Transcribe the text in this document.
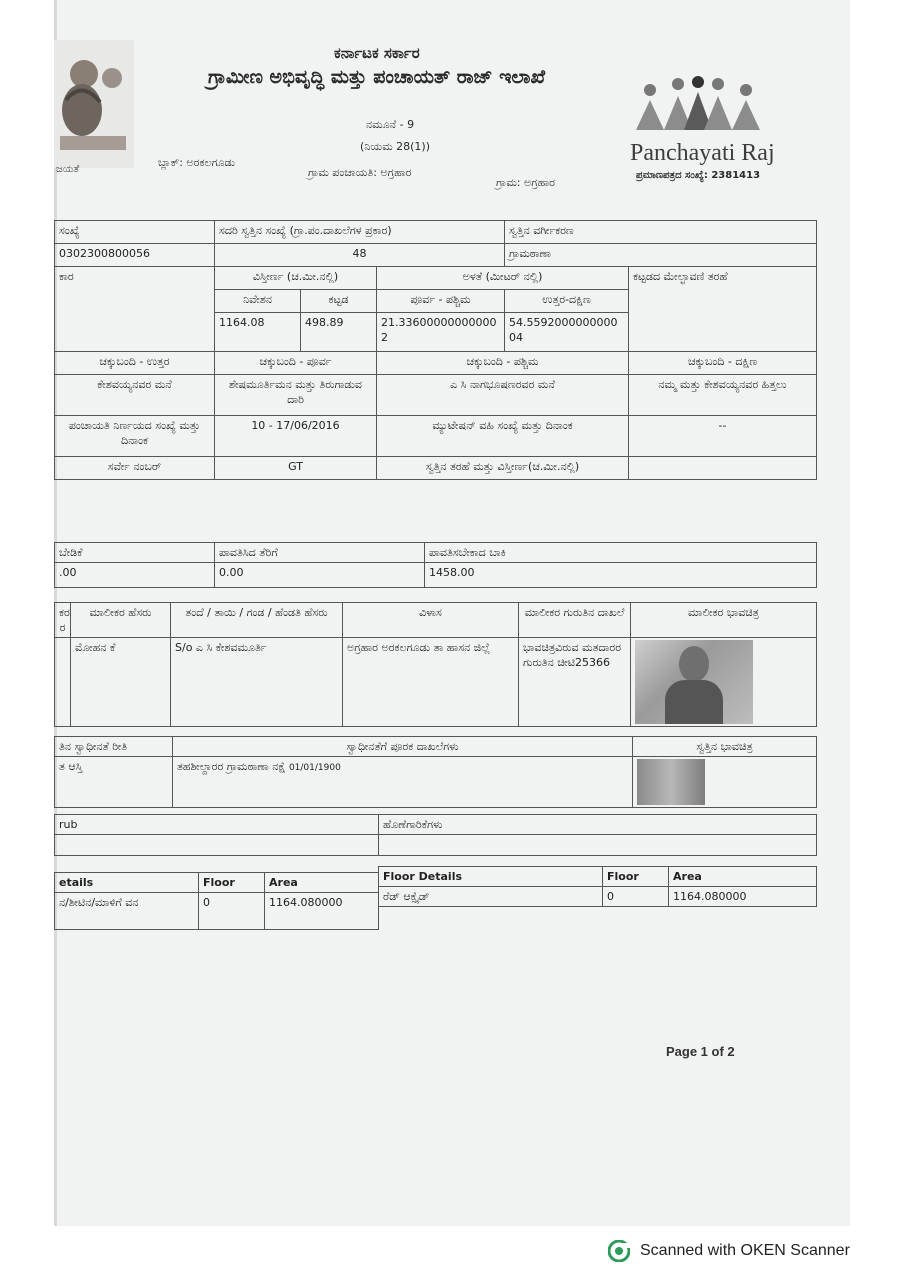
ಜಯತೆ
ಕರ್ನಾಟಕ ಸರ್ಕಾರ
ಗ್ರಾಮೀಣ ಅಭಿವೃದ್ಧಿ ಮತ್ತು ಪಂಚಾಯತ್ ರಾಜ್ ಇಲಾಖೆ
ನಮೂನೆ - 9
(ನಿಯಮ 28(1))
ಬ್ಲಾಕ್: ಅರಕಲಗೂಡು
ಗ್ರಾಮ ಪಂಚಾಯತಿ: ಅಗ್ರಹಾರ
ಗ್ರಾಮ: ಅಗ್ರಹಾರ
ಪ್ರಮಾಣಪತ್ರದ ಸಂಖ್ಯೆ: 2381413
Panchayati Raj
ಸಂಖ್ಯೆ	ಸದರಿ ಸ್ವತ್ತಿನ ಸಂಖ್ಯೆ (ಗ್ರಾ.ಪಂ.ದಾಖಲೆಗಳ ಪ್ರಕಾರ)			ಸ್ವತ್ತಿನ ವರ್ಗೀಕರಣ	
0302300800056	48			ಗ್ರಾಮಠಾಣಾ	
ಕಾರ	ವಿಸ್ತೀರ್ಣ (ಚ.ಮೀ.ನಲ್ಲಿ)		ಅಳತೆ (ಮೀಟರ್ ನಲ್ಲಿ)		ಕಟ್ಟಡದ ಮೇಲ್ಛಾವಣಿ ತರಹೆ
	ನಿವೇಶನ	ಕಟ್ಟಡ	ಪೂರ್ವ - ಪಶ್ಚಿಮ	ಉತ್ತರ-ದಕ್ಷಿಣ	
	1164.08	498.89	21.336000000000002	54.559200000000004	
ಚಕ್ಕುಬಂದಿ - ಉತ್ತರ	ಚಕ್ಕುಬಂದಿ - ಪೂರ್ವ		ಚಕ್ಕುಬಂದಿ - ಪಶ್ಚಿಮ		ಚಕ್ಕುಬಂದಿ - ದಕ್ಷಿಣ
ಕೇಶವಯ್ಯನವರ ಮನೆ	ಶೇಷಮೂರ್ತಿಮನ ಮತ್ತು ತಿರುಗಾಡುವ ದಾರಿ		ಎ ಸಿ ನಾಗಭೂಷಣರವರ ಮನೆ		ನಮ್ಮ ಮತ್ತು ಕೇಶವಯ್ಯನವರ ಹಿತ್ತಲು
ಪಂಚಾಯತಿ ನಿರ್ಣಯದ ಸಂಖ್ಯೆ ಮತ್ತು ದಿನಾಂಕ	10 - 17/06/2016		ಮ್ಯುಟೇಷನ್ ವಹಿ ಸಂಖ್ಯೆ ಮತ್ತು ದಿನಾಂಕ		--
ಸರ್ವೇ ನಂಬರ್	GT		ಸ್ವತ್ತಿನ ತರಹೆ ಮತ್ತು ವಿಸ್ತೀರ್ಣ(ಚ.ಮೀ.ನಲ್ಲಿ)		
ಬೇಡಿಕೆ	ಪಾವತಿಸಿದ ತೆರಿಗೆ	ಪಾವತಿಸಬೇಕಾದ ಬಾಕಿ
.00	0.00	1458.00
ಕರ ರ	ಮಾಲೀಕರ ಹೆಸರು	ತಂದೆ / ತಾಯಿ / ಗಂಡ / ಹೆಂಡತಿ ಹೆಸರು	ವಿಳಾಸ	ಮಾಲೀಕರ ಗುರುತಿನ ದಾಖಲೆ	ಮಾಲೀಕರ ಭಾವಚಿತ್ರ
	ಮೋಹನ ಕೆ	S/o ಎ ಸಿ ಕೇಶವಮೂರ್ತಿ	ಅಗ್ರಹಾರ ಅರಕಲಗೂಡು ತಾ ಹಾಸನ ಜಿಲ್ಲೆ	ಭಾವಚಿತ್ರವಿರುವ ಮತದಾರರ ಗುರುತಿನ ಚೀಟಿ25366	
ತಿನ ಸ್ವಾಧೀನತೆ ರೀತಿ	ಸ್ವಾಧೀನತೆಗೆ ಪೂರಕ ದಾಖಲೆಗಳು	ಸ್ವತ್ತಿನ ಭಾವಚಿತ್ರ
ತ ಆಸ್ತಿ	ತಹಶೀಲ್ದಾರರ ಗ್ರಾಮಠಾಣಾ ನಕ್ಷೆ 01/01/1900	
rub	ಹೊಣೆಗಾರಿಕೆಗಳು

etails	Floor	Area
ನ/ಶೀಟಿನ/ಮಾಳಿಗೆ ವನ	0	1164.080000
Floor Details	Floor	Area
ರೆಡ್ ಆಕ್ಸೈಡ್	0	1164.080000
Page 1 of 2
Scanned with OKEN Scanner
